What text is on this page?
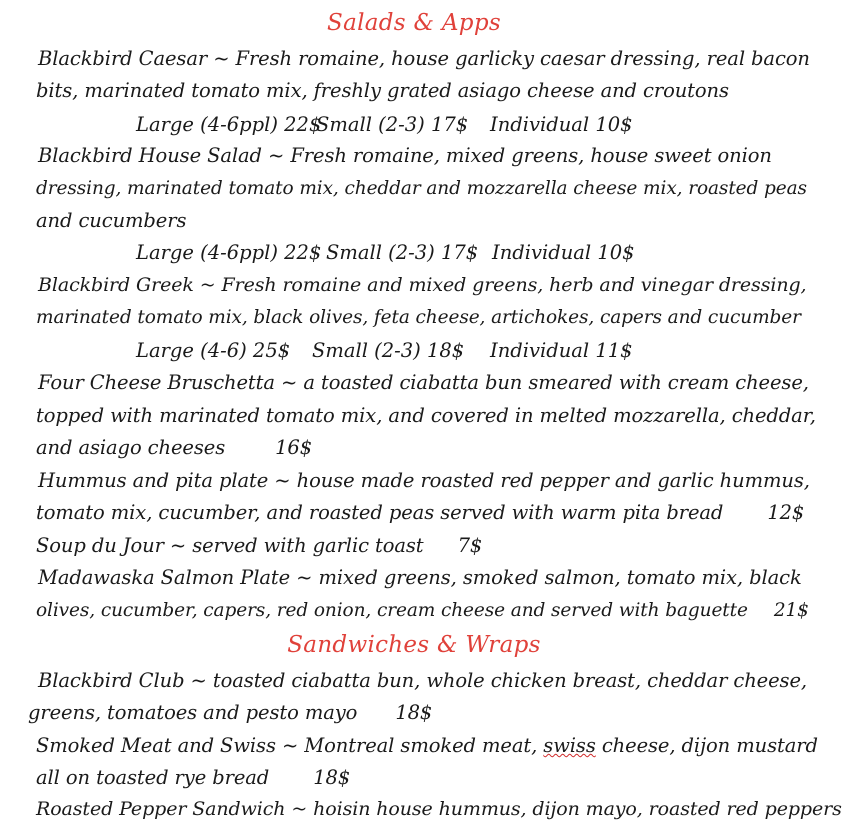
Salads & Apps
Blackbird Caesar ~ Fresh romaine, house garlicky caesar dressing, real bacon
bits, marinated tomato mix, freshly grated asiago cheese and croutons
Large (4-6ppl) 22$Small (2-3) 17$ Individual 10$
Blackbird House Salad ~ Fresh romaine, mixed greens, house sweet onion
dressing, marinated tomato mix, cheddar and mozzarella cheese mix, roasted peas
and cucumbers
Large (4-6ppl) 22$ Small (2-3) 17$ Individual 10$
Blackbird Greek ~ Fresh romaine and mixed greens, herb and vinegar dressing,
marinated tomato mix, black olives, feta cheese, artichokes, capers and cucumber
Large (4-6) 25$ Small (2-3) 18$ Individual 11$
Four Cheese Bruschetta ~ a toasted ciabatta bun smeared with cream cheese,
topped with marinated tomato mix, and covered in melted mozzarella, cheddar,
and asiago cheeses	16$
Hummus and pita plate ~ house made roasted red pepper and garlic hummus,
tomato mix, cucumber, and roasted peas served with warm pita bread 12$
Soup du Jour ~ served with garlic toast 7$
Madawaska Salmon Plate ~ mixed greens, smoked salmon, tomato mix, black
olives, cucumber, capers, red onion, cream cheese and served with baguette 21$
Sandwiches & Wraps
Blackbird Club ~ toasted ciabatta bun, whole chicken breast, cheddar cheese,
greens, tomatoes and pesto mayo 18$
Smoked Meat and Swiss ~ Montreal smoked meat, swiss cheese, dijon mustard
all on toasted rye bread 18$
Roasted Pepper Sandwich ~ hoisin house hummus, dijon mayo, roasted red peppers
